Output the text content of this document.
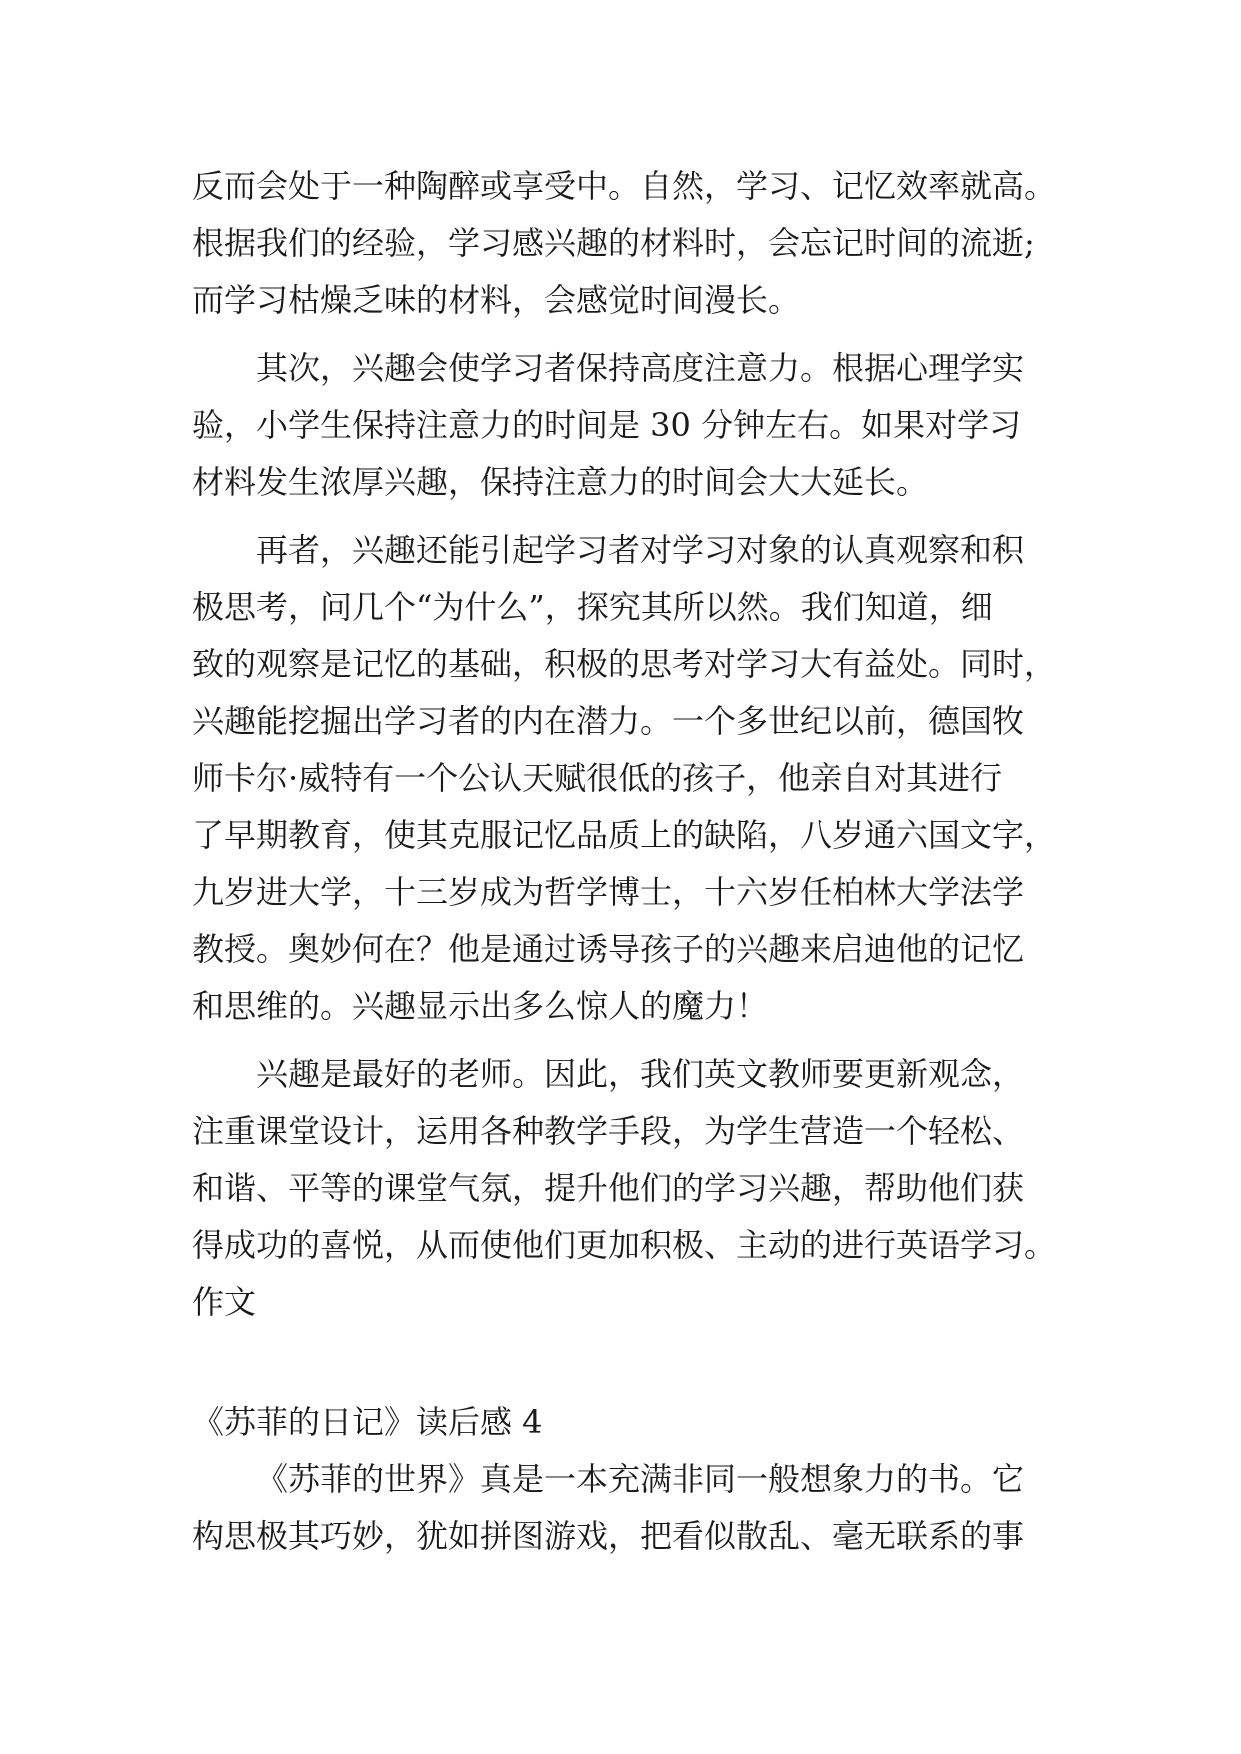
反而会处于一种陶醉或享受中。自然，学习、记忆效率就高。
根据我们的经验，学习感兴趣的材料时，会忘记时间的流逝;
而学习枯燥乏味的材料，会感觉时间漫长。
其次，兴趣会使学习者保持高度注意力。根据心理学实
验，小学生保持注意力的时间是 30 分钟左右。如果对学习
材料发生浓厚兴趣，保持注意力的时间会大大延长。
再者，兴趣还能引起学习者对学习对象的认真观察和积
极思考，问几个“为什么”，探究其所以然。我们知道，细
致的观察是记忆的基础，积极的思考对学习大有益处。同时，
兴趣能挖掘出学习者的内在潜力。一个多世纪以前，德国牧
师卡尔·威特有一个公认天赋很低的孩子，他亲自对其进行
了早期教育，使其克服记忆品质上的缺陷，八岁通六国文字，
九岁进大学，十三岁成为哲学博士，十六岁任柏林大学法学
教授。奥妙何在？他是通过诱导孩子的兴趣来启迪他的记忆
和思维的。兴趣显示出多么惊人的魔力！
兴趣是最好的老师。因此，我们英文教师要更新观念，
注重课堂设计，运用各种教学手段，为学生营造一个轻松、
和谐、平等的课堂气氛，提升他们的学习兴趣，帮助他们获
得成功的喜悦，从而使他们更加积极、主动的进行英语学习。
作文
《苏菲的日记》读后感 4
《苏菲的世界》真是一本充满非同一般想象力的书。它
构思极其巧妙，犹如拼图游戏，把看似散乱、毫无联系的事
